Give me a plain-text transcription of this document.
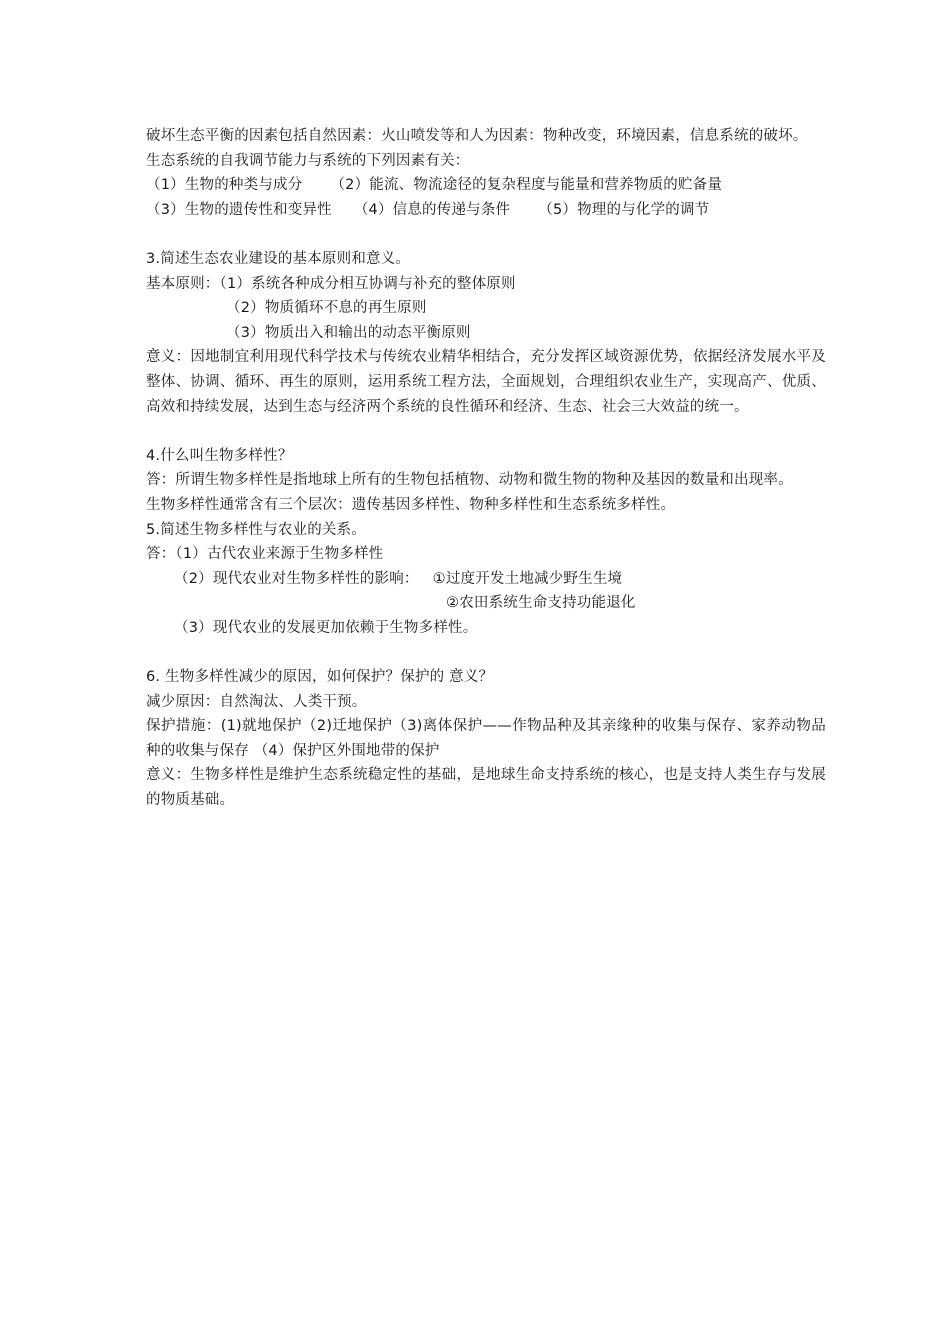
破坏生态平衡的因素包括自然因素：火山喷发等和人为因素：物种改变，环境因素，信息系统的破坏。

生态系统的自我调节能力与系统的下列因素有关：

（1）生物的种类与成分 （2）能流、物流途径的复杂程度与能量和营养物质的贮备量
（3）生物的遗传性和变异性 （4）信息的传递与条件 （5）物理的与化学的调节

3.简述生态农业建设的基本原则和意义。

基本原则：（1）系统各种成分相互协调与补充的整体原则
（2）物质循环不息的再生原则
（3）物质出入和输出的动态平衡原则

意义：因地制宜利用现代科学技术与传统农业精华相结合，充分发挥区域资源优势，依据经济发展水平及整体、协调、循环、再生的原则，运用系统工程方法，全面规划，合理组织农业生产，实现高产、优质、高效和持续发展，达到生态与经济两个系统的良性循环和经济、生态、社会三大效益的统一。

4.什么叫生物多样性？

答：所谓生物多样性是指地球上所有的生物包括植物、动物和微生物的物种及基因的数量和出现率。

生物多样性通常含有三个层次：遗传基因多样性、物种多样性和生态系统多样性。

5.简述生物多样性与农业的关系。

答：（1）古代农业来源于生物多样性
（2）现代农业对生物多样性的影响： ①过度开发土地减少野生生境
②农田系统生命支持功能退化
（3）现代农业的发展更加依赖于生物多样性。

6. 生物多样性减少的原因，如何保护？保护的 意义？

减少原因：自然淘汰、人类干预。

保护措施：(1)就地保护（2)迁地保护（3)离体保护——作物品种及其亲缘种的收集与保存、家养动物品种的收集与保存 （4）保护区外围地带的保护

意义：生物多样性是维护生态系统稳定性的基础，是地球生命支持系统的核心，也是支持人类生存与发展的物质基础。
